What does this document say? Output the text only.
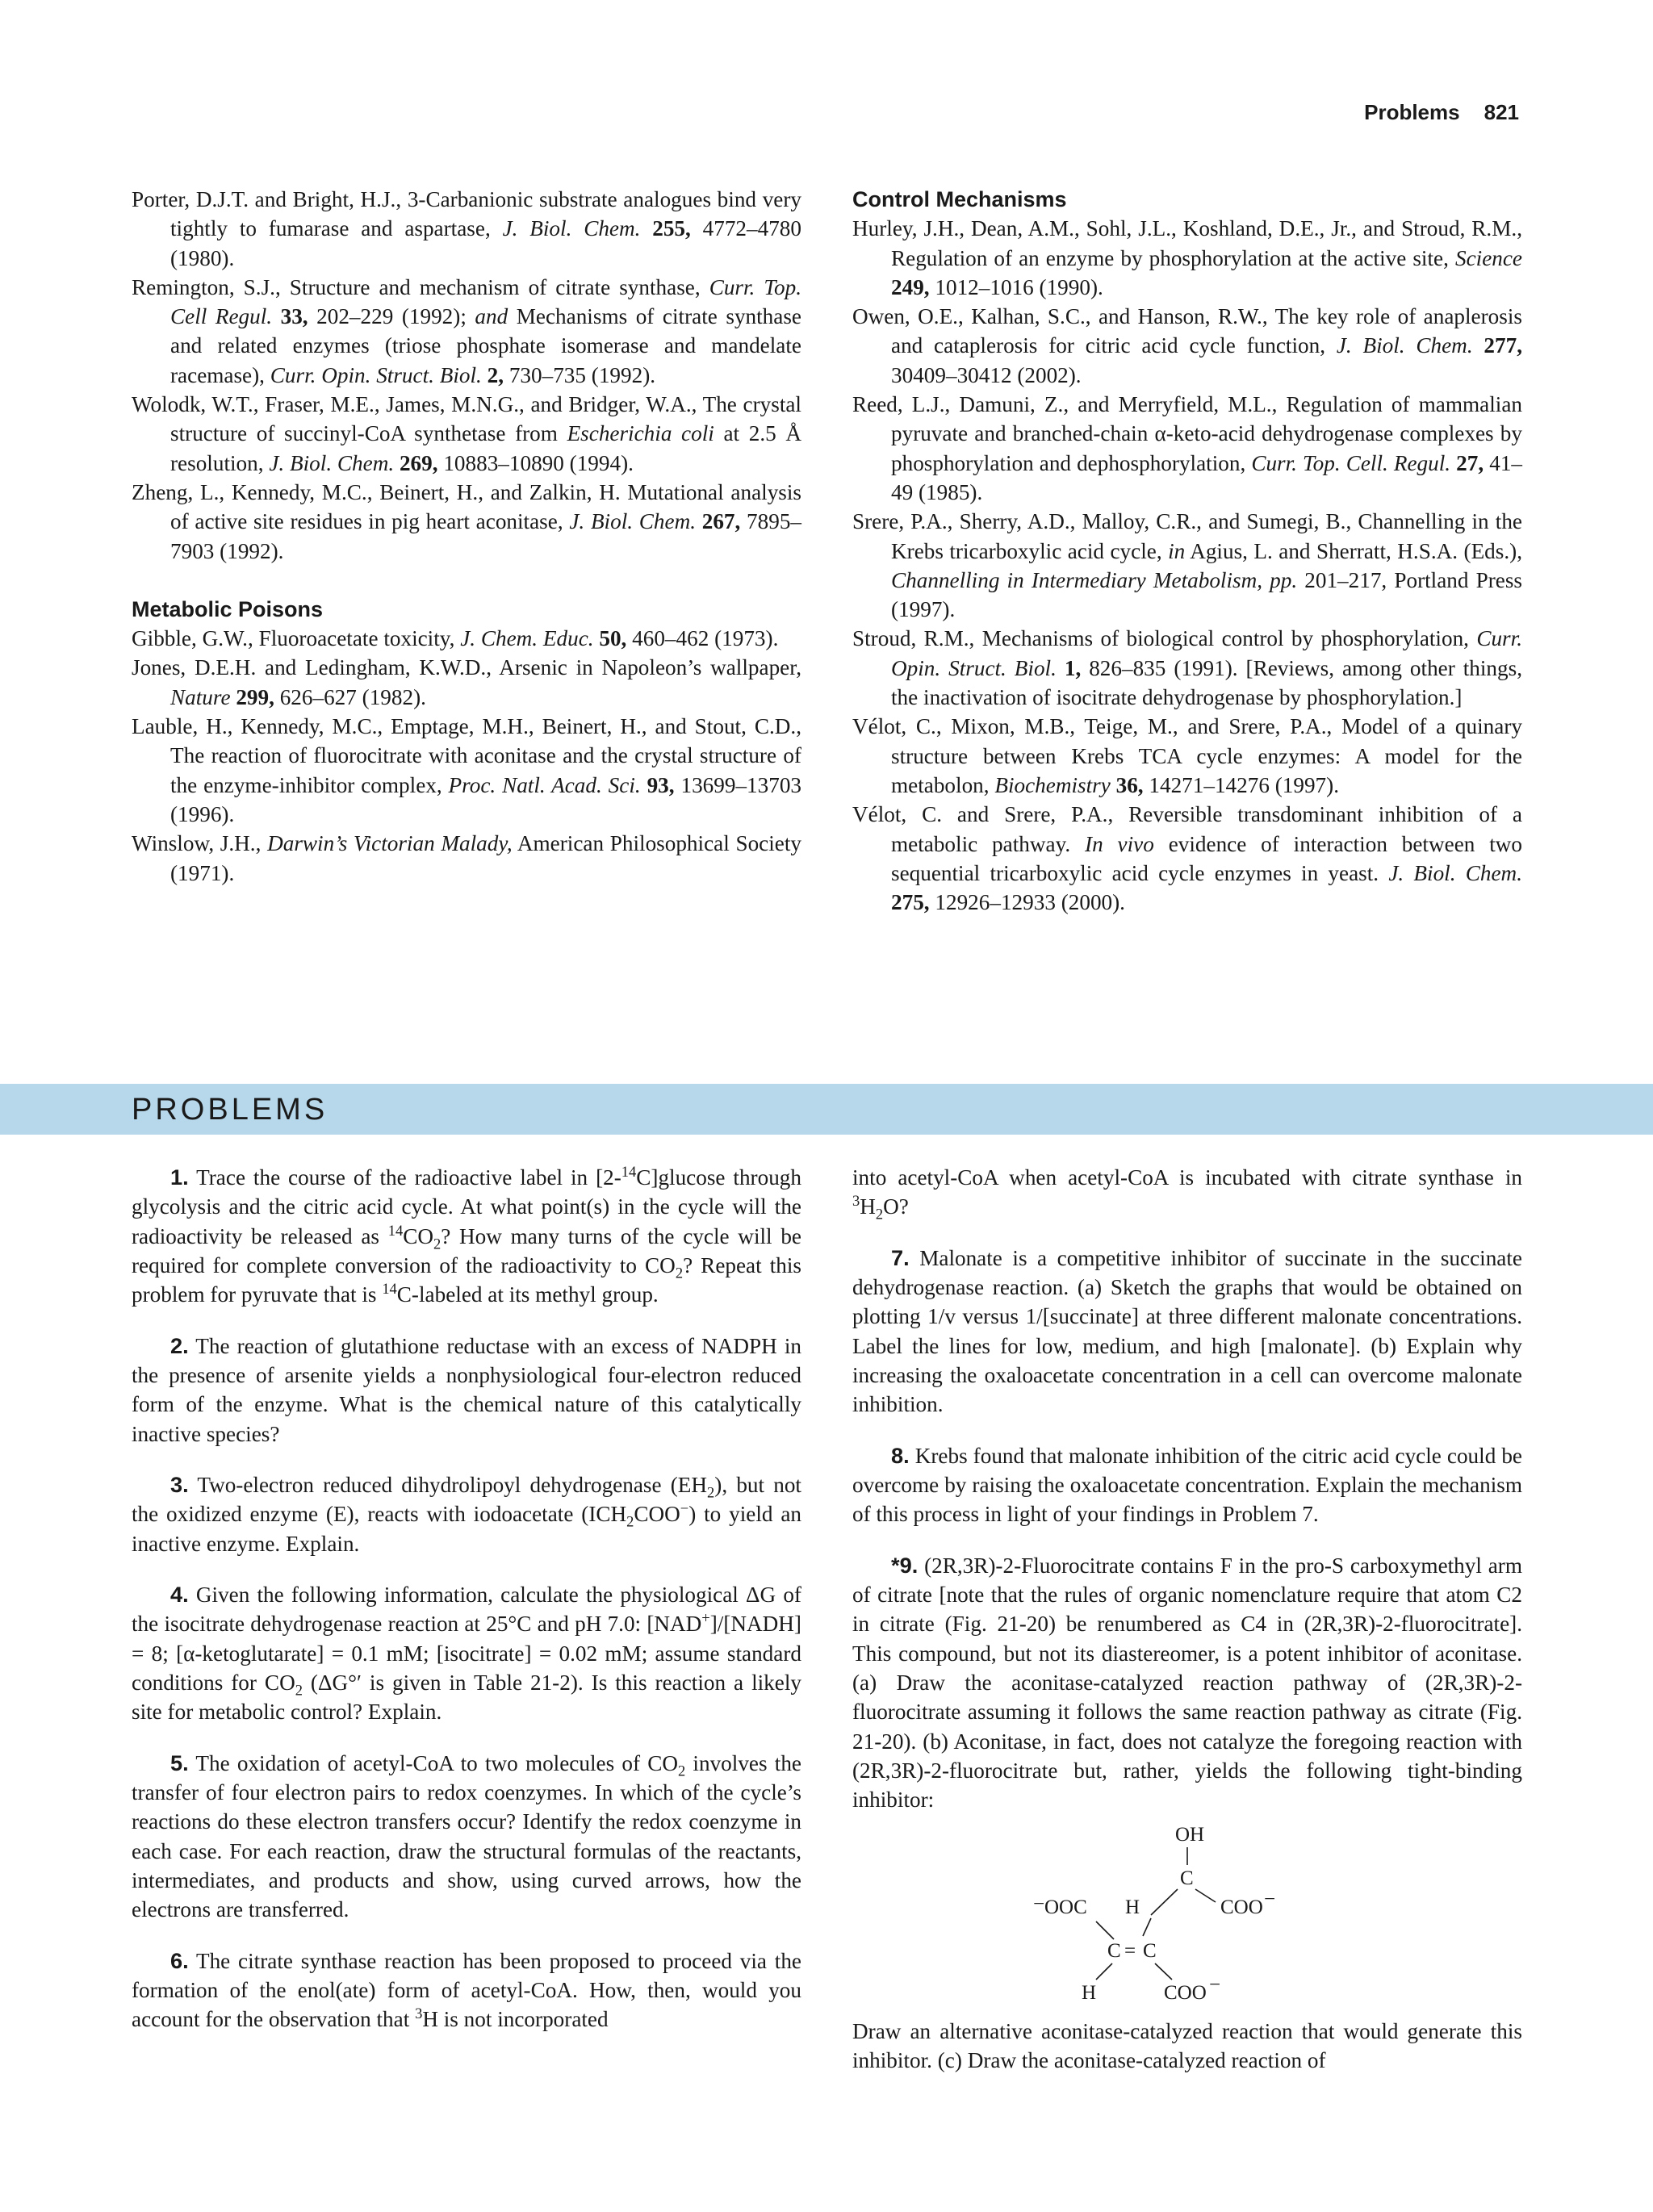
Problems 821
Porter, D.J.T. and Bright, H.J., 3-Carbanionic substrate analogues bind very tightly to fumarase and aspartase, J. Biol. Chem. 255, 4772–4780 (1980).
Remington, S.J., Structure and mechanism of citrate synthase, Curr. Top. Cell Regul. 33, 202–229 (1992); and Mechanisms of citrate synthase and related enzymes (triose phosphate isomerase and mandelate racemase), Curr. Opin. Struct. Biol. 2, 730–735 (1992).
Wolodk, W.T., Fraser, M.E., James, M.N.G., and Bridger, W.A., The crystal structure of succinyl-CoA synthetase from Escherichia coli at 2.5 Å resolution, J. Biol. Chem. 269, 10883–10890 (1994).
Zheng, L., Kennedy, M.C., Beinert, H., and Zalkin, H. Mutational analysis of active site residues in pig heart aconitase, J. Biol. Chem. 267, 7895–7903 (1992).
Metabolic Poisons
Gibble, G.W., Fluoroacetate toxicity, J. Chem. Educ. 50, 460–462 (1973).
Jones, D.E.H. and Ledingham, K.W.D., Arsenic in Napoleon’s wallpaper, Nature 299, 626–627 (1982).
Lauble, H., Kennedy, M.C., Emptage, M.H., Beinert, H., and Stout, C.D., The reaction of fluorocitrate with aconitase and the crystal structure of the enzyme-inhibitor complex, Proc. Natl. Acad. Sci. 93, 13699–13703 (1996).
Winslow, J.H., Darwin’s Victorian Malady, American Philosophical Society (1971).
Control Mechanisms
Hurley, J.H., Dean, A.M., Sohl, J.L., Koshland, D.E., Jr., and Stroud, R.M., Regulation of an enzyme by phosphorylation at the active site, Science 249, 1012–1016 (1990).
Owen, O.E., Kalhan, S.C., and Hanson, R.W., The key role of anaplerosis and cataplerosis for citric acid cycle function, J. Biol. Chem. 277, 30409–30412 (2002).
Reed, L.J., Damuni, Z., and Merryfield, M.L., Regulation of mammalian pyruvate and branched-chain α-keto-acid dehydrogenase complexes by phosphorylation and dephosphorylation, Curr. Top. Cell. Regul. 27, 41–49 (1985).
Srere, P.A., Sherry, A.D., Malloy, C.R., and Sumegi, B., Channelling in the Krebs tricarboxylic acid cycle, in Agius, L. and Sherratt, H.S.A. (Eds.), Channelling in Intermediary Metabolism, pp. 201–217, Portland Press (1997).
Stroud, R.M., Mechanisms of biological control by phosphorylation, Curr. Opin. Struct. Biol. 1, 826–835 (1991). [Reviews, among other things, the inactivation of isocitrate dehydrogenase by phosphorylation.]
Vélot, C., Mixon, M.B., Teige, M., and Srere, P.A., Model of a quinary structure between Krebs TCA cycle enzymes: A model for the metabolon, Biochemistry 36, 14271–14276 (1997).
Vélot, C. and Srere, P.A., Reversible transdominant inhibition of a metabolic pathway. In vivo evidence of interaction between two sequential tricarboxylic acid cycle enzymes in yeast. J. Biol. Chem. 275, 12926–12933 (2000).
PROBLEMS

1. Trace the course of the radioactive label in [2-$^{14}$C]glucose through glycolysis and the citric acid cycle. At what point(s) in the cycle will the radioactivity be released as $^{14}CO_2$? How many turns of the cycle will be required for complete conversion of the radioactivity to $CO_2$? Repeat this problem for pyruvate that is $^{14}$C-labeled at its methyl group.

2. The reaction of glutathione reductase with an excess of NADPH in the presence of arsenite yields a nonphysiological four-electron reduced form of the enzyme. What is the chemical nature of this catalytically inactive species?

3. Two-electron reduced dihydrolipoyl dehydrogenase $(EH_2)$, but not the oxidized enzyme (E), reacts with iodoacetate $(ICH_2COO^-)$ to yield an inactive enzyme. Explain.

4. Given the following information, calculate the physiological ΔG of the isocitrate dehydrogenase reaction at 25°C and pH 7.0: [NAD+]/[NADH] = 8; [α-ketoglutarate] = 0.1 mM; [isocitrate] = 0.02 mM; assume standard conditions for $CO_2$ (ΔG°′ is given in Table 21-2). Is this reaction a likely site for metabolic control? Explain.

5. The oxidation of acetyl-CoA to two molecules of $CO_2$ involves the transfer of four electron pairs to redox coenzymes. In which of the cycle’s reactions do these electron transfers occur? Identify the redox coenzyme in each case. For each reaction, draw the structural formulas of the reactants, intermediates, and products and show, using curved arrows, how the electrons are transferred.

6. The citrate synthase reaction has been proposed to proceed via the formation of the enol(ate) form of acetyl-CoA. How, then, would you account for the observation that $^3$H is not incorporated

into acetyl-CoA when acetyl-CoA is incubated with citrate synthase in $^3H_2O$?

7. Malonate is a competitive inhibitor of succinate in the succinate dehydrogenase reaction. (a) Sketch the graphs that would be obtained on plotting 1/v versus 1/[succinate] at three different malonate concentrations. Label the lines for low, medium, and high [malonate]. (b) Explain why increasing the oxaloacetate concentration in a cell can overcome malonate inhibition.

8. Krebs found that malonate inhibition of the citric acid cycle could be overcome by raising the oxaloacetate concentration. Explain the mechanism of this process in light of your findings in Problem 7.

*9. (2R,3R)-2-Fluorocitrate contains F in the pro-S carboxymethyl arm of citrate [note that the rules of organic nomenclature require that atom C2 in citrate (Fig. 21-20) be renumbered as C4 in (2R,3R)-2-fluorocitrate]. This compound, but not its diastereomer, is a potent inhibitor of aconitase. (a) Draw the aconitase-catalyzed reaction pathway of (2R,3R)-2-fluorocitrate assuming it follows the same reaction pathway as citrate (Fig. 21-20). (b) Aconitase, in fact, does not catalyze the foregoing reaction with (2R,3R)-2-fluorocitrate but, rather, yields the following tight-binding inhibitor:

OH
C
− OOC H	COO −
C = C
H	COO −

Draw an alternative aconitase-catalyzed reaction that would generate this inhibitor. (c) Draw the aconitase-catalyzed reaction of
